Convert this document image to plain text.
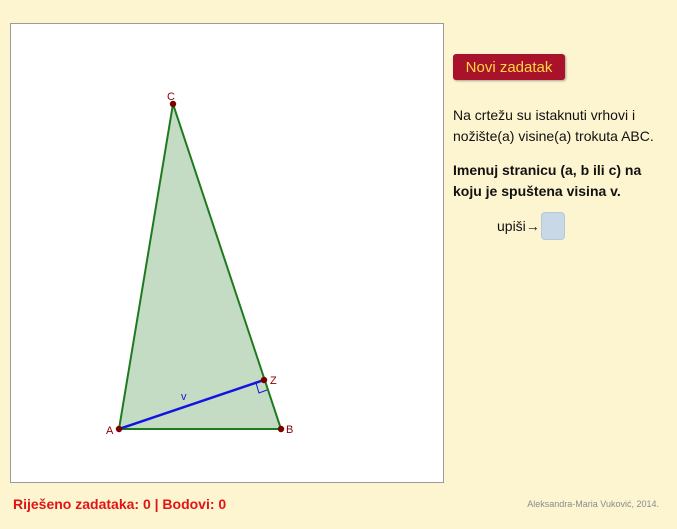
A	B
C
Z
v
Novi zadatak
Na crtežu su istaknuti vrhovi i nožište(a) visine(a) trokuta ABC.
Imenuj stranicu (a, b ili c) na koju je spuštena visina v.
upiši→
Riješeno zadataka: 0 | Bodovi: 0	Aleksandra-Maria Vuković, 2014.
